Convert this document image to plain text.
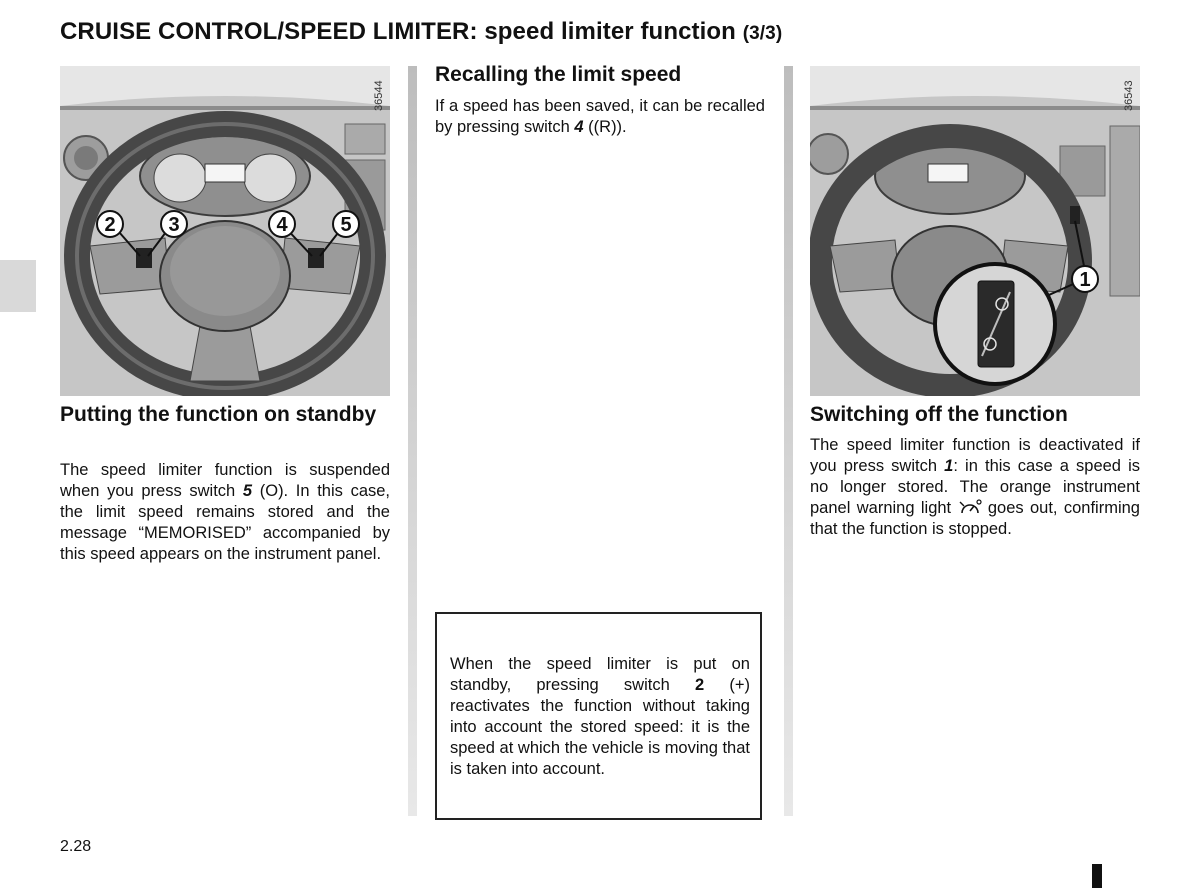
CRUISE CONTROL/SPEED LIMITER: speed limiter function (3/3)
2	3	4	5
36544
1
36543
Putting the function on standby
The speed limiter function is suspended when you press switch 5 (O). In this case, the limit speed remains stored and the message “MEMORISED” accompanied by this speed appears on the instrument panel.
Recalling the limit speed
If a speed has been saved, it can be recalled by pressing switch 4 ((R)).
When the speed limiter is put on standby, pressing switch 2 (+) reactivates the function without taking into account the stored speed: it is the speed at which the vehicle is moving that is taken into account.
Switching off the function
The speed limiter function is deactivated if you press switch 1: in this case a speed is no longer stored. The orange instrument panel warning light  goes out, confirming that the function is stopped.
2.28
